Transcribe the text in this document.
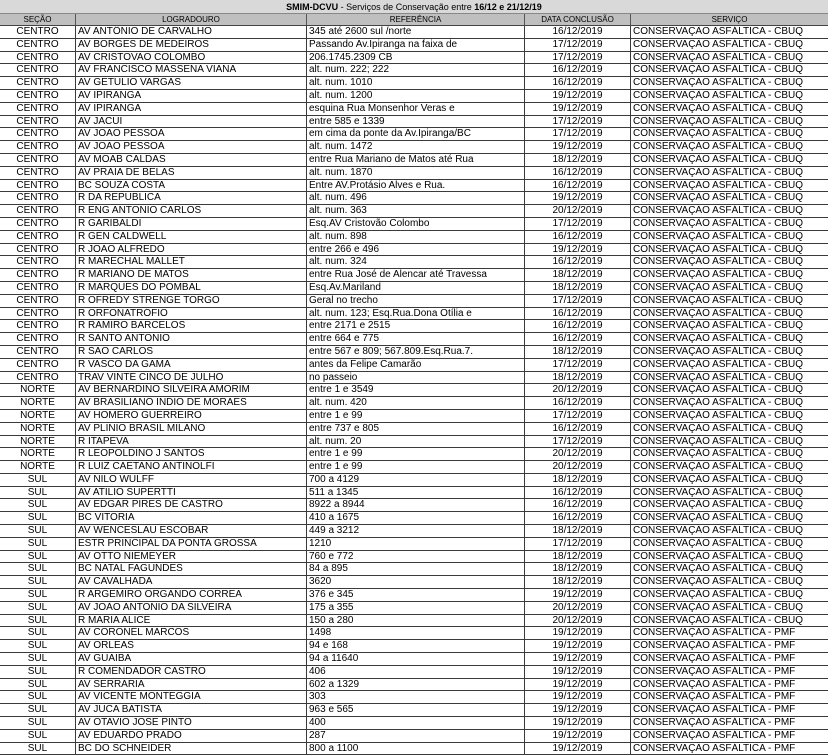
SMIM-DCVU - Serviços de Conservação entre 16/12 e 21/12/19
SEÇÃO	LOGRADOURO	REFERÊNCIA	DATA CONCLUSÃO	SERVIÇO
CENTRO	AV ANTÔNIO DE CARVALHO	345 até 2600 sul /norte	16/12/2019	CONSERVAÇÃO ASFÁLTICA - CBUQ
CENTRO	AV BORGES DE MEDEIROS	Passando Av.Ipiranga na faixa de	17/12/2019	CONSERVAÇÃO ASFÁLTICA - CBUQ
CENTRO	AV CRISTOVAO COLOMBO	206.1745.2309 CB	17/12/2019	CONSERVAÇÃO ASFÁLTICA - CBUQ
CENTRO	AV FRANCISCO MASSENA VIANA	alt. num. 222; 222	16/12/2019	CONSERVAÇÃO ASFÁLTICA - CBUQ
CENTRO	AV GETULIO VARGAS	alt. num. 1010	16/12/2019	CONSERVAÇÃO ASFÁLTICA - CBUQ
CENTRO	AV IPIRANGA	alt. num. 1200	19/12/2019	CONSERVAÇÃO ASFÁLTICA - CBUQ
CENTRO	AV IPIRANGA	esquina Rua Monsenhor Veras e	19/12/2019	CONSERVAÇÃO ASFÁLTICA - CBUQ
CENTRO	AV JACUI	entre 585 e 1339	17/12/2019	CONSERVAÇÃO ASFÁLTICA - CBUQ
CENTRO	AV JOAO PESSOA	em cima da ponte da Av.Ipiranga/BC	17/12/2019	CONSERVAÇÃO ASFÁLTICA - CBUQ
CENTRO	AV JOAO PESSOA	alt. num. 1472	19/12/2019	CONSERVAÇÃO ASFÁLTICA - CBUQ
CENTRO	AV MOAB CALDAS	entre Rua Mariano de Matos até Rua	18/12/2019	CONSERVAÇÃO ASFÁLTICA - CBUQ
CENTRO	AV PRAIA DE BELAS	alt. num. 1870	16/12/2019	CONSERVAÇÃO ASFÁLTICA - CBUQ
CENTRO	BC SOUZA COSTA	Entre AV.Protásio Alves e Rua.	16/12/2019	CONSERVAÇÃO ASFÁLTICA - CBUQ
CENTRO	R DA REPUBLICA	alt. num. 496	19/12/2019	CONSERVAÇÃO ASFÁLTICA - CBUQ
CENTRO	R ENG ANTONIO CARLOS	alt. num. 363	20/12/2019	CONSERVAÇÃO ASFÁLTICA - CBUQ
CENTRO	R GARIBALDI	Esq.AV Cristovão Colombo	17/12/2019	CONSERVAÇÃO ASFÁLTICA - CBUQ
CENTRO	R GEN CALDWELL	alt. num. 898	16/12/2019	CONSERVAÇÃO ASFÁLTICA - CBUQ
CENTRO	R JOAO ALFREDO	entre 266 e 496	19/12/2019	CONSERVAÇÃO ASFÁLTICA - CBUQ
CENTRO	R MARECHAL MALLET	alt. num. 324	16/12/2019	CONSERVAÇÃO ASFÁLTICA - CBUQ
CENTRO	R MARIANO DE MATOS	entre Rua José de Alencar até Travessa	18/12/2019	CONSERVAÇÃO ASFÁLTICA - CBUQ
CENTRO	R MARQUES DO POMBAL	Esq.Av.Mariland	18/12/2019	CONSERVAÇÃO ASFÁLTICA - CBUQ
CENTRO	R OFREDY STRENGE TORGO	Geral no trecho	17/12/2019	CONSERVAÇÃO ASFÁLTICA - CBUQ
CENTRO	R ORFONATRÓFIO	alt. num. 123; Esq.Rua.Dona Otília e	16/12/2019	CONSERVAÇÃO ASFÁLTICA - CBUQ
CENTRO	R RAMIRO BARCELOS	entre 2171 e 2515	16/12/2019	CONSERVAÇÃO ASFÁLTICA - CBUQ
CENTRO	R SANTO ANTONIO	entre 664 e 775	16/12/2019	CONSERVAÇÃO ASFÁLTICA - CBUQ
CENTRO	R SAO CARLOS	entre 567 e 809; 567.809.Esq.Rua.7.	18/12/2019	CONSERVAÇÃO ASFÁLTICA - CBUQ
CENTRO	R VASCO DA GAMA	antes da Felipe Camarão	17/12/2019	CONSERVAÇÃO ASFÁLTICA - CBUQ
CENTRO	TRAV VINTE CINCO DE JULHO	no passeio	18/12/2019	CONSERVAÇÃO ASFÁLTICA - CBUQ
NORTE	AV BERNARDINO SILVEIRA AMORIM	entre 1 e 3549	20/12/2019	CONSERVAÇÃO ASFÁLTICA - CBUQ
NORTE	AV BRASILIANO INDIO DE MORAES	alt. num. 420	16/12/2019	CONSERVAÇÃO ASFÁLTICA - CBUQ
NORTE	AV HOMERO GUERREIRO	entre 1 e 99	17/12/2019	CONSERVAÇÃO ASFÁLTICA - CBUQ
NORTE	AV PLINIO BRASIL MILANO	entre 737 e 805	16/12/2019	CONSERVAÇÃO ASFÁLTICA - CBUQ
NORTE	R ITAPEVA	alt. num. 20	17/12/2019	CONSERVAÇÃO ASFÁLTICA - CBUQ
NORTE	R LEOPOLDINO J SANTOS	entre 1 e 99	20/12/2019	CONSERVAÇÃO ASFÁLTICA - CBUQ
NORTE	R LUIZ CAETANO ANTINOLFI	entre 1 e 99	20/12/2019	CONSERVAÇÃO ASFÁLTICA - CBUQ
SUL	AV NILO WULFF	700 a 4129	18/12/2019	CONSERVAÇÃO ASFÁLTICA - CBUQ
SUL	AV ATILIO SUPERTTI	511 a 1345	16/12/2019	CONSERVAÇÃO ASFÁLTICA - CBUQ
SUL	AV EDGAR PIRES DE CASTRO	8922 a 8944	16/12/2019	CONSERVAÇÃO ASFÁLTICA - CBUQ
SUL	BC VITORIA	410 a 1675	16/12/2019	CONSERVAÇÃO ASFÁLTICA - CBUQ
SUL	AV WENCESLAU ESCOBAR	449 a 3212	18/12/2019	CONSERVAÇÃO ASFÁLTICA - CBUQ
SUL	ESTR PRINCIPAL DA PONTA GROSSA	1210	17/12/2019	CONSERVAÇÃO ASFÁLTICA - CBUQ
SUL	AV OTTO NIEMEYER	760 e 772	18/12/2019	CONSERVAÇÃO ASFÁLTICA - CBUQ
SUL	BC NATAL FAGUNDES	84 a 895	18/12/2019	CONSERVAÇÃO ASFÁLTICA - CBUQ
SUL	AV CAVALHADA	3620	18/12/2019	CONSERVAÇÃO ASFÁLTICA - CBUQ
SUL	R ARGEMIRO ORGANDO CORREA	376 e 345	19/12/2019	CONSERVAÇÃO ASFÁLTICA - CBUQ
SUL	AV JOÃO ANTONIO DA SILVEIRA	175 a 355	20/12/2019	CONSERVAÇÃO ASFÁLTICA - CBUQ
SUL	R MARIA ALICE	150 a 280	20/12/2019	CONSERVAÇÃO ASFÁLTICA - CBUQ
SUL	AV CORONEL MARCOS	1498	19/12/2019	CONSERVAÇÃO ASFÁLTICA - PMF
SUL	AV ORLEAS	94 e 168	19/12/2019	CONSERVAÇÃO ASFÁLTICA - PMF
SUL	AV GUAIBA	94 a 11640	19/12/2019	CONSERVAÇÃO ASFÁLTICA - PMF
SUL	R COMENDADOR CASTRO	406	19/12/2019	CONSERVAÇÃO ASFÁLTICA - PMF
SUL	AV SERRARIA	602 a 1329	19/12/2019	CONSERVAÇÃO ASFÁLTICA - PMF
SUL	AV VICENTE MONTEGGIA	303	19/12/2019	CONSERVAÇÃO ASFÁLTICA - PMF
SUL	AV JUCA BATISTA	963 e 565	19/12/2019	CONSERVAÇÃO ASFÁLTICA - PMF
SUL	AV OTAVIO JOSE PINTO	400	19/12/2019	CONSERVAÇÃO ASFÁLTICA - PMF
SUL	AV EDUARDO PRADO	287	19/12/2019	CONSERVAÇÃO ASFÁLTICA - PMF
SUL	BC DO SCHNEIDER	800 a 1100	19/12/2019	CONSERVAÇÃO ASFÁLTICA - PMF
